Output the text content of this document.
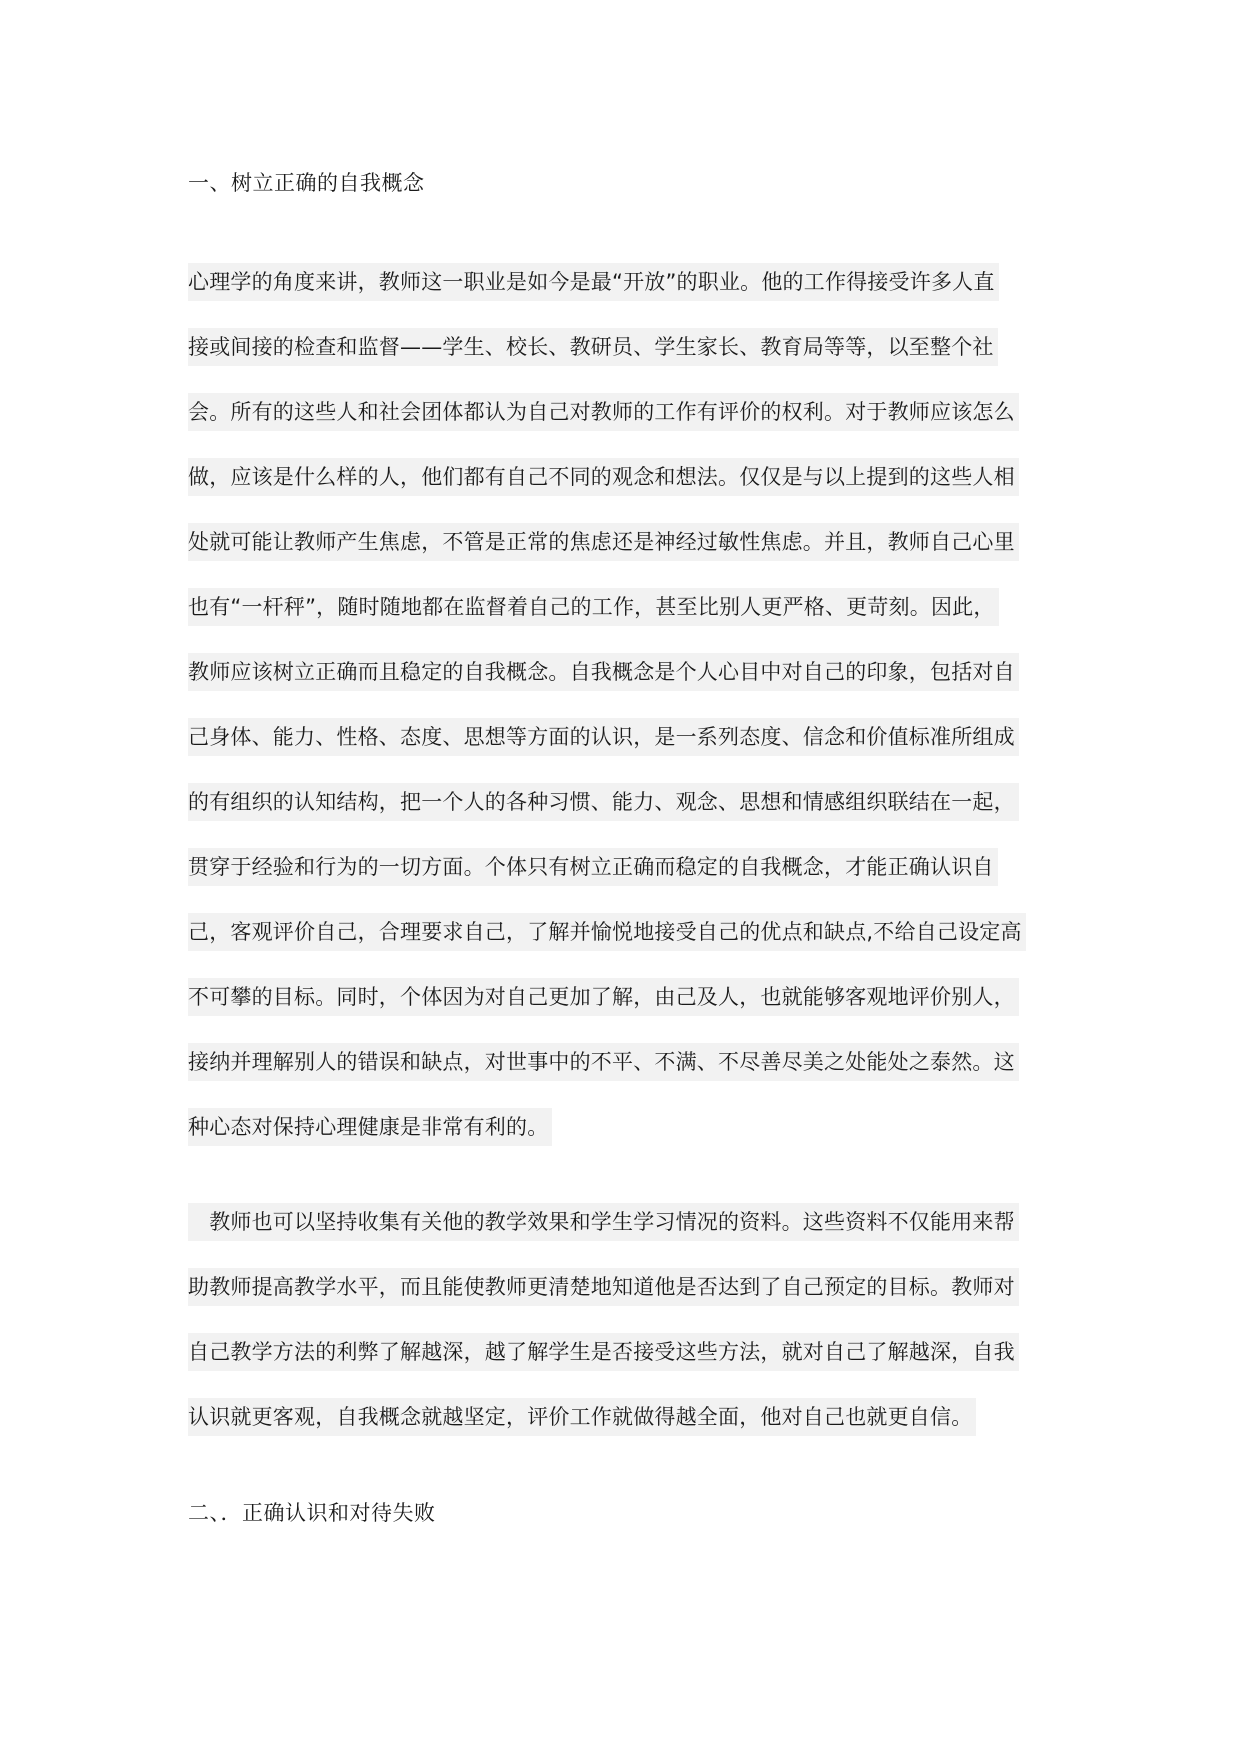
一、树立正确的自我概念
心理学的角度来讲，教师这一职业是如今是最“开放”的职业。他的工作得接受许多人直
接或间接的检查和监督——学生、校长、教研员、学生家长、教育局等等，以至整个社
会。所有的这些人和社会团体都认为自己对教师的工作有评价的权利。对于教师应该怎么
做，应该是什么样的人，他们都有自己不同的观念和想法。仅仅是与以上提到的这些人相
处就可能让教师产生焦虑，不管是正常的焦虑还是神经过敏性焦虑。并且，教师自己心里
也有“一杆秤”，随时随地都在监督着自己的工作，甚至比别人更严格、更苛刻。因此，
教师应该树立正确而且稳定的自我概念。自我概念是个人心目中对自己的印象，包括对自
己身体、能力、性格、态度、思想等方面的认识，是一系列态度、信念和价值标准所组成
的有组织的认知结构，把一个人的各种习惯、能力、观念、思想和情感组织联结在一起，
贯穿于经验和行为的一切方面。个体只有树立正确而稳定的自我概念，才能正确认识自
己，客观评价自己，合理要求自己，了解并愉悦地接受自己的优点和缺点,不给自己设定高
不可攀的目标。同时，个体因为对自己更加了解，由己及人，也就能够客观地评价别人，
接纳并理解别人的错误和缺点，对世事中的不平、不满、不尽善尽美之处能处之泰然。这
种心态对保持心理健康是非常有利的。
　教师也可以坚持收集有关他的教学效果和学生学习情况的资料。这些资料不仅能用来帮
助教师提高教学水平，而且能使教师更清楚地知道他是否达到了自己预定的目标。教师对
自己教学方法的利弊了解越深，越了解学生是否接受这些方法，就对自己了解越深，自我
认识就更客观，自我概念就越坚定，评价工作就做得越全面，他对自己也就更自信。
二、．正确认识和对待失败
